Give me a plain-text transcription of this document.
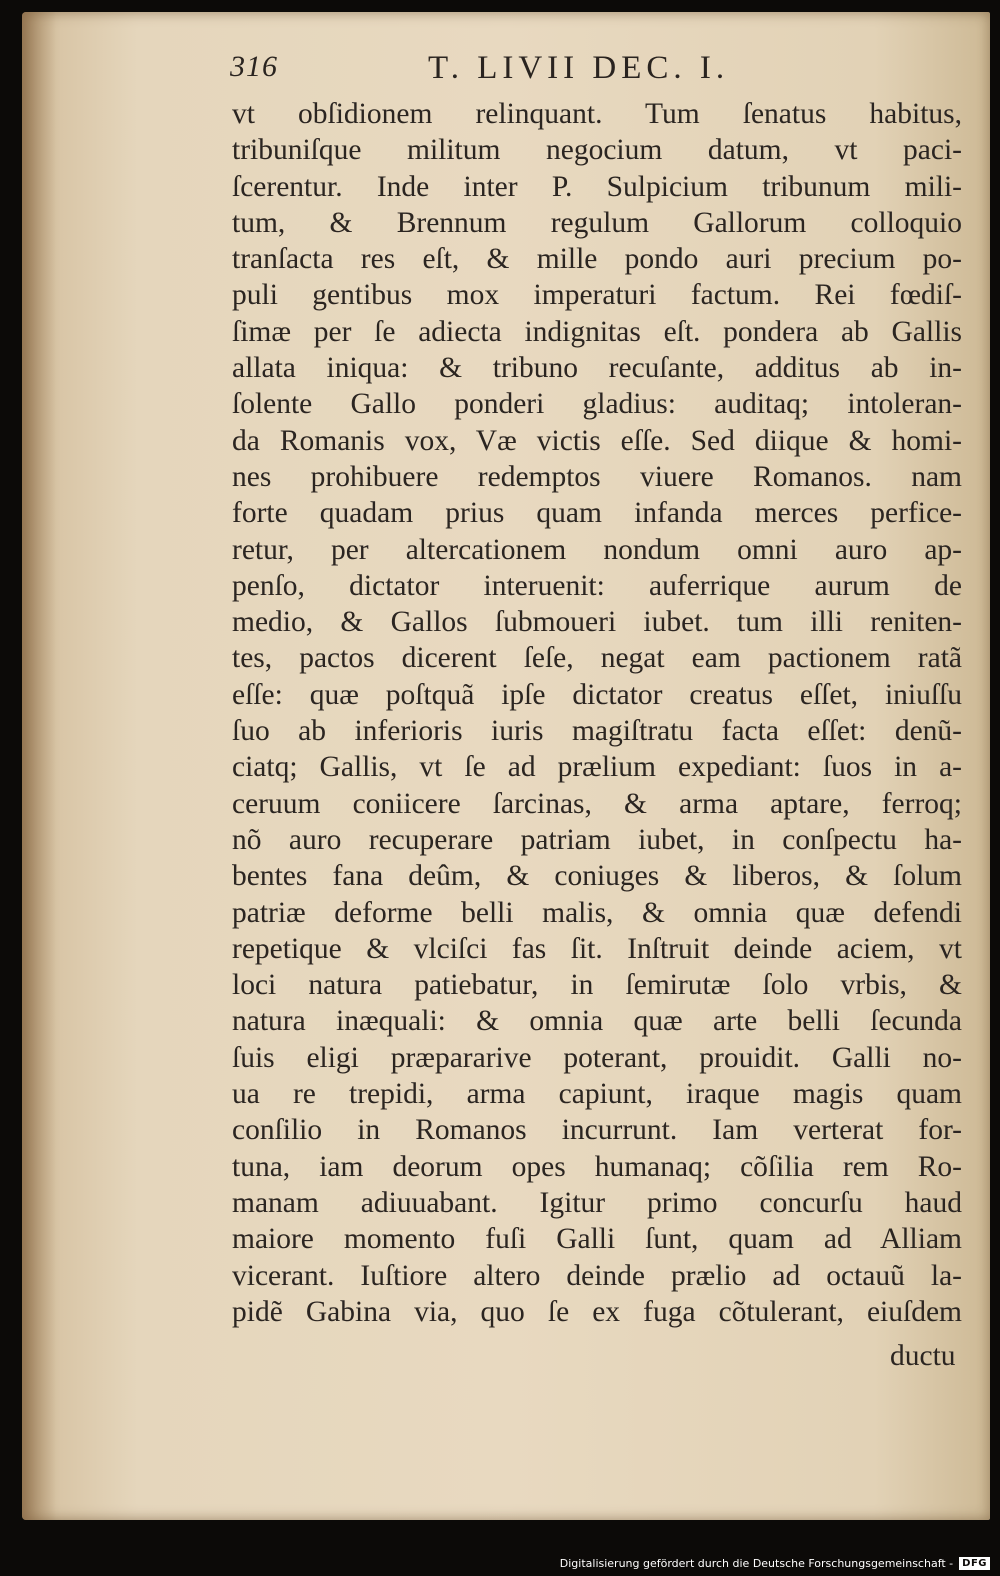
316	T. LIVII DEC. I.
vt obſidionem relinquant. Tum ſenatus habitus,
tribuniſque militum negocium datum, vt paci-
ſcerentur. Inde inter P. Sulpicium tribunum mili-
tum, & Brennum regulum Gallorum colloquio
tranſacta res eſt, & mille pondo auri precium po-
puli gentibus mox imperaturi factum. Rei fœdiſ-
ſimæ per ſe adiecta indignitas eſt. pondera ab Gallis
allata iniqua: & tribuno recuſante, additus ab in-
ſolente Gallo ponderi gladius: auditaq; intoleran-
da Romanis vox, Væ victis eſſe. Sed diique & homi-
nes prohibuere redemptos viuere Romanos. nam
forte quadam prius quam infanda merces perfice-
retur, per altercationem nondum omni auro ap-
penſo, dictator interuenit: auferrique aurum de
medio, & Gallos ſubmoueri iubet. tum illi reniten-
tes, pactos dicerent ſeſe, negat eam pactionem ratã
eſſe: quæ poſtquã ipſe dictator creatus eſſet, iniuſſu
ſuo ab inferioris iuris magiſtratu facta eſſet: denũ-
ciatq; Gallis, vt ſe ad prælium expediant: ſuos in a-
ceruum coniicere ſarcinas, & arma aptare, ferroq;
nõ auro recuperare patriam iubet, in conſpectu ha-
bentes fana deûm, & coniuges & liberos, & ſolum
patriæ deforme belli malis, & omnia quæ defendi
repetique & vlciſci fas ſit. Inſtruit deinde aciem, vt
loci natura patiebatur, in ſemirutæ ſolo vrbis, &
natura inæquali: & omnia quæ arte belli ſecunda
ſuis eligi præpararive poterant, prouidit. Galli no-
ua re trepidi, arma capiunt, iraque magis quam
conſilio in Romanos incurrunt. Iam verterat for-
tuna, iam deorum opes humanaq; cõſilia rem Ro-
manam adiuuabant. Igitur primo concurſu haud
maiore momento fuſi Galli ſunt, quam ad Alliam
vicerant. Iuſtiore altero deinde prælio ad octauũ la-
pidẽ Gabina via, quo ſe ex fuga cõtulerant, eiuſdem
ductu
Digitalisierung gefördert durch die Deutsche Forschungsgemeinschaft - DFG
